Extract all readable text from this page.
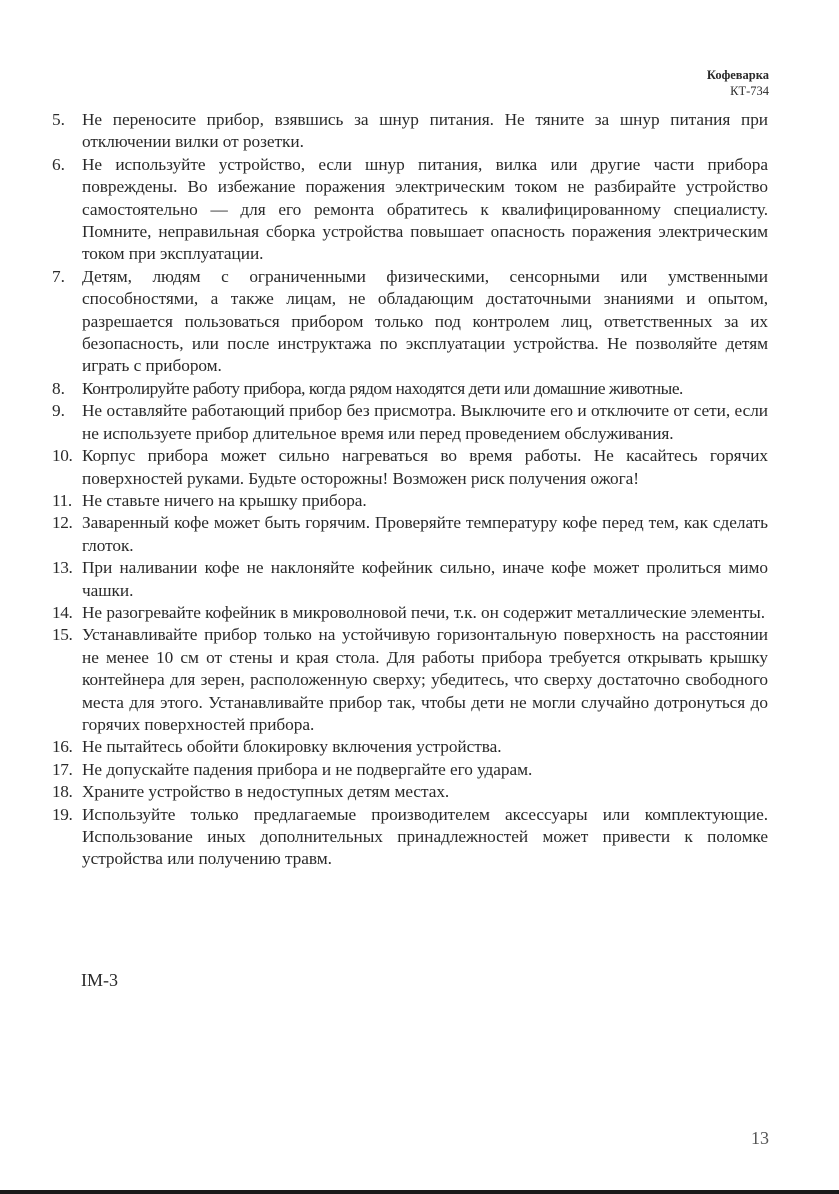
Кофеварка
КТ-734
5. Не переносите прибор, взявшись за шнур питания. Не тяните за шнур питания при отключении вилки от розетки.
6. Не используйте устройство, если шнур питания, вилка или другие части прибора повреждены. Во избежание поражения электрическим током не разбирайте устройство самостоятельно — для его ремонта обратитесь к квалифицированному специалисту. Помните, неправильная сборка устройства повышает опасность поражения электрическим током при эксплуатации.
7. Детям, людям с ограниченными физическими, сенсорными или умственными способностями, а также лицам, не обладающим достаточными знаниями и опытом, разрешается пользоваться прибором только под контролем лиц, ответственных за их безопасность, или после инструктажа по эксплуатации устройства. Не позволяйте детям играть с прибором.
8. Контролируйте работу прибора, когда рядом находятся дети или домашние животные.
9. Не оставляйте работающий прибор без присмотра. Выключите его и отключите от сети, если не используете прибор длительное время или перед проведением обслуживания.
10. Корпус прибора может сильно нагреваться во время работы. Не касайтесь горячих поверхностей руками. Будьте осторожны! Возможен риск получения ожога!
11. Не ставьте ничего на крышку прибора.
12. Заваренный кофе может быть горячим. Проверяйте температуру кофе перед тем, как сделать глоток.
13. При наливании кофе не наклоняйте кофейник сильно, иначе кофе может пролиться мимо чашки.
14. Не разогревайте кофейник в микроволновой печи, т.к. он содержит металлические элементы.
15. Устанавливайте прибор только на устойчивую горизонтальную поверхность на расстоянии не менее 10 см от стены и края стола. Для работы прибора требуется открывать крышку контейнера для зерен, расположенную сверху; убедитесь, что сверху достаточно свободного места для этого. Устанавливайте прибор так, чтобы дети не могли случайно дотронуться до горячих поверхностей прибора.
16. Не пытайтесь обойти блокировку включения устройства.
17. Не допускайте падения прибора и не подвергайте его ударам.
18. Храните устройство в недоступных детям местах.
19. Используйте только предлагаемые производителем аксессуары или комплектующие. Использование иных дополнительных принадлежностей может привести к поломке устройства или получению травм.
IM-3
13
